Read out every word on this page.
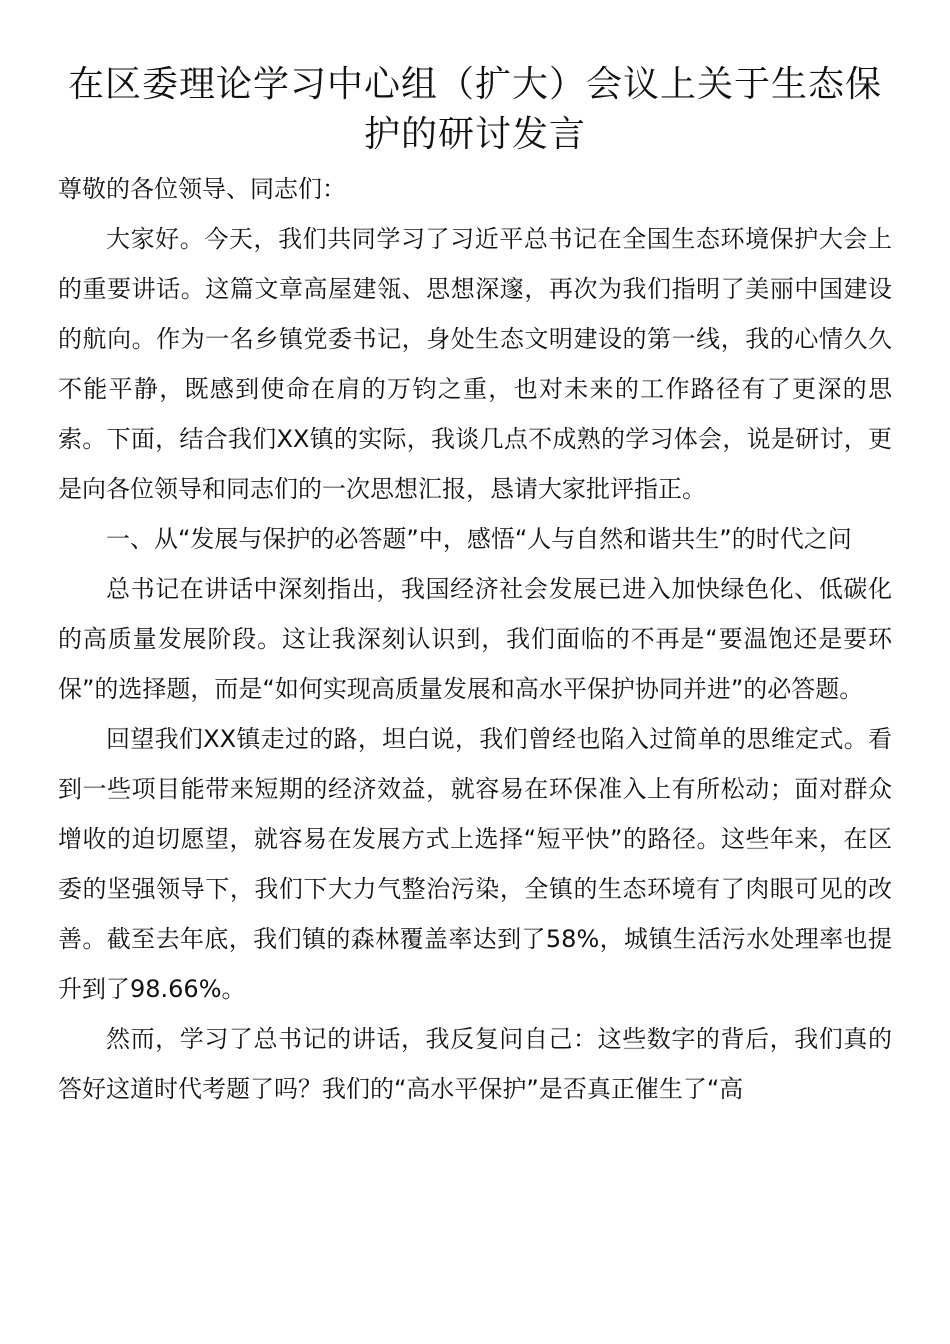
在区委理论学习中心组（扩大）会议上关于生态保护的研讨发言

尊敬的各位领导、同志们：

大家好。今天，我们共同学习了习近平总书记在全国生态环境保护大会上的重要讲话。这篇文章高屋建瓴、思想深邃，再次为我们指明了美丽中国建设的航向。作为一名乡镇党委书记，身处生态文明建设的第一线，我的心情久久不能平静，既感到使命在肩的万钧之重，也对未来的工作路径有了更深的思索。下面，结合我们XX镇的实际，我谈几点不成熟的学习体会，说是研讨，更是向各位领导和同志们的一次思想汇报，恳请大家批评指正。

一、从“发展与保护的必答题”中，感悟“人与自然和谐共生”的时代之问

总书记在讲话中深刻指出，我国经济社会发展已进入加快绿色化、低碳化的高质量发展阶段。这让我深刻认识到，我们面临的不再是“要温饱还是要环保”的选择题，而是“如何实现高质量发展和高水平保护协同并进”的必答题。

回望我们XX镇走过的路，坦白说，我们曾经也陷入过简单的思维定式。看到一些项目能带来短期的经济效益，就容易在环保准入上有所松动；面对群众增收的迫切愿望，就容易在发展方式上选择“短平快”的路径。这些年来，在区委的坚强领导下，我们下大力气整治污染，全镇的生态环境有了肉眼可见的改善。截至去年底，我们镇的森林覆盖率达到了58%，城镇生活污水处理率也提升到了98.66%。

然而，学习了总书记的讲话，我反复问自己：这些数字的背后，我们真的答好这道时代考题了吗？我们的“高水平保护”是否真正催生了“高
